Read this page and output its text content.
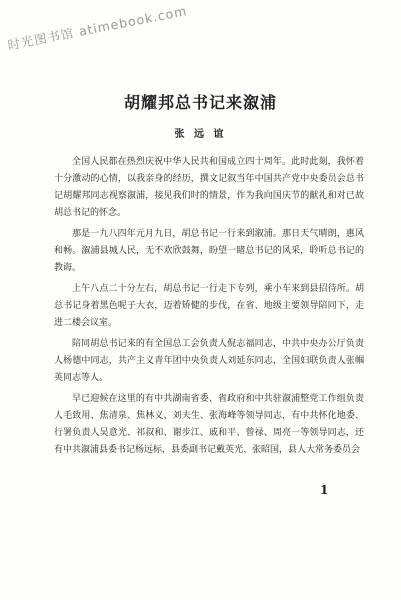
时光图书馆 atimebook.com
胡耀邦总书记来溆浦
张 远 谊

全国人民都在热烈庆祝中华人民共和国成立四十周年。此时此刻，我怀着十分激动的心情，以我亲身的经历，撰文记叙当年中国共产党中央委员会总书记胡耀邦同志视察溆浦，接见我们时的情景，作为我向国庆节的献礼和对已故胡总书记的怀念。

那是一九八四年元月九日，胡总书记一行来到溆浦。那日天气晴朗，惠风和畅。溆浦县城人民，无不欢欣鼓舞，盼望一睹总书记的风采，聆听总书记的教诲。

上午八点二十分左右，胡总书记一行走下专列，乘小车来到县招待所。胡总书记身着黑色呢子大衣，迈着矫健的步伐，在省、地级主要领导陪同下，走进二楼会议室。

陪同胡总书记来的有全国总工会负责人倪志福同志，中共中央办公厅负责人杨德中同志，共产主义青年团中央负责人刘延东同志，全国妇联负责人张帼英同志等人。

早已迎候在这里的有中共湖南省委、省政府和中共驻溆浦整党工作组负责人毛致用、焦清泉、焦林义、刘夫生、张海峰等领导同志，有中共怀化地委、行署负责人吴意光、祁叔和、谢步江、戚和平、曾禄、周亮一等领导同志，还有中共溆浦县委书记杨远标，县委副书记戴英光、张昭国，县人大常务委员会

1
